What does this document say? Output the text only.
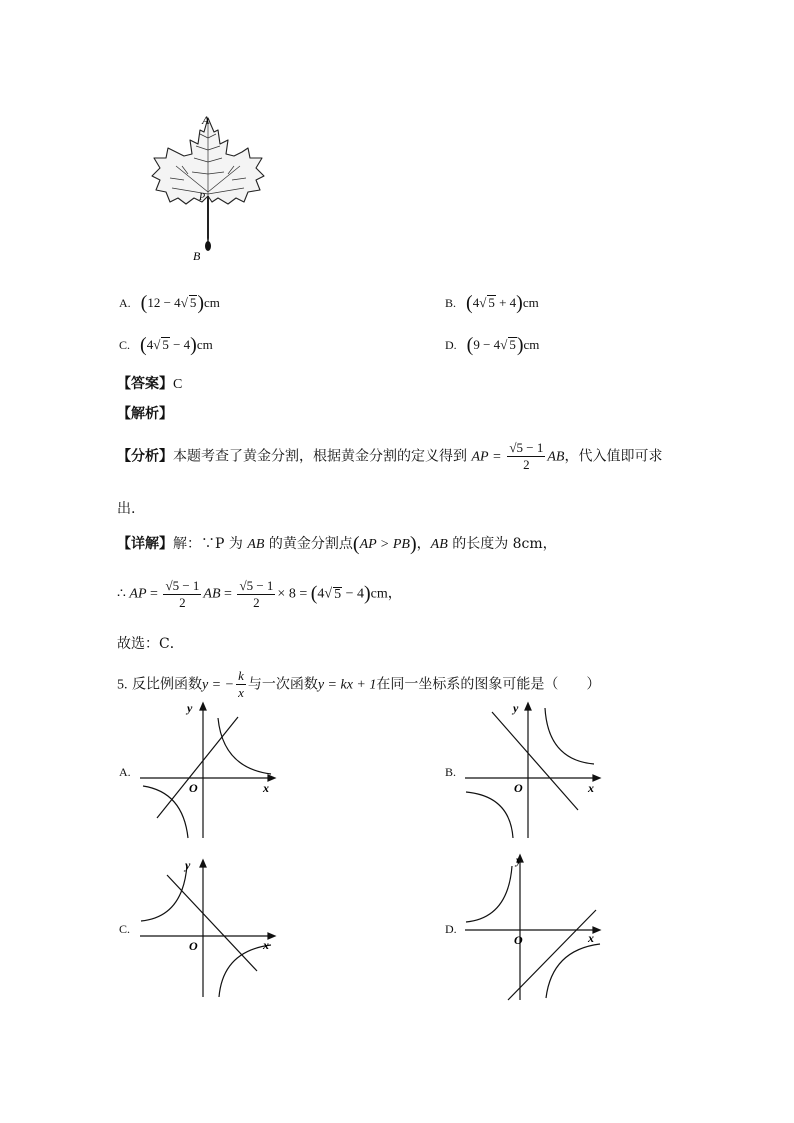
A
P
B
A. (12 − 4√ 5)cm	B. (4√ 5 + 4)cm
C. (4√ 5 − 4)cm	D. (9 − 4√ 5)cm
【答案】C
【解析】
【分析】本题考查了黄金分割，根据黄金分割的定义得到 AP = $\frac{√5 - 1}{2}$ AB，代入值即可求
出.
【详解】解：∵P 为 AB 的黄金分割点(AP > PB)，AB 的长度为 8cm，
∴ AP = $\frac{√5 - 1}{2}$ AB = $\frac{√5 - 1}{2} \times 8 = (4√$ 5 − 4)cm，
故选：C．
5. 反比例函数y = − $\frac{k}{x}$ 与一次函数y = kx + 1在同一坐标系的图象可能是（　　）
A.
y
x
O
B.
y
x
O
C.
y
x
O
D.
y
x
O
